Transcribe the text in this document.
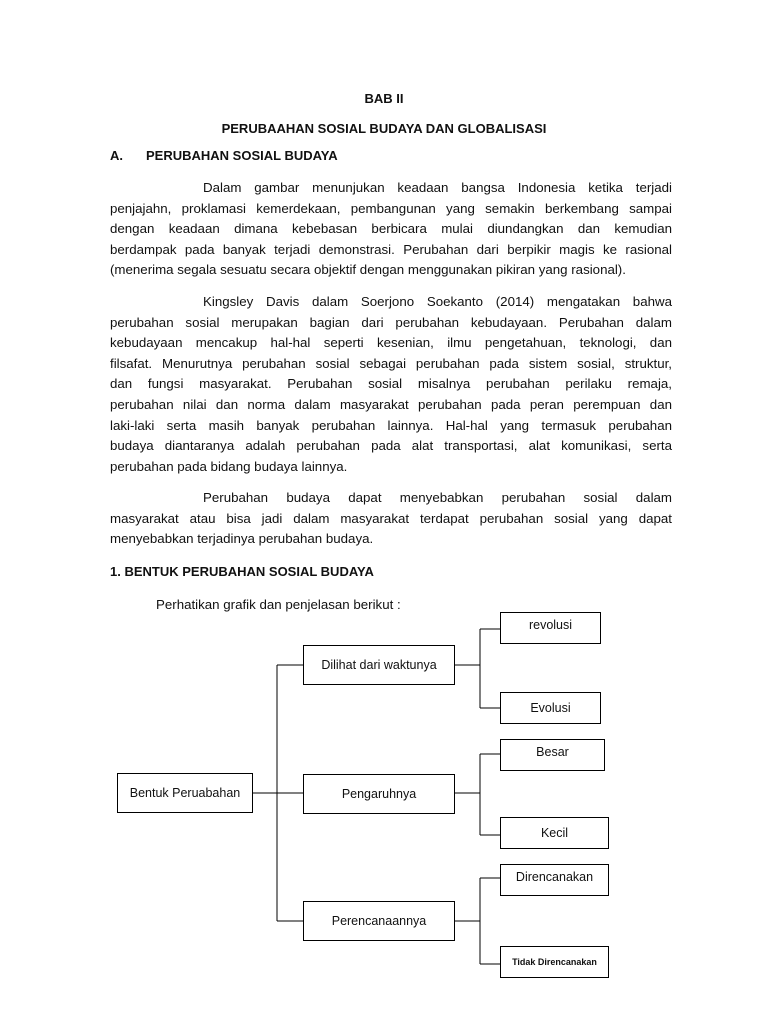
BAB II
PERUBAAHAN SOSIAL BUDAYA DAN GLOBALISASI
A. PERUBAHAN SOSIAL BUDAYA
Dalam gambar menunjukan keadaan bangsa Indonesia ketika terjadi
penjajahn, proklamasi kemerdekaan, pembangunan yang semakin berkembang sampai
dengan keadaan dimana kebebasan berbicara mulai diundangkan dan kemudian
berdampak pada banyak terjadi demonstrasi. Perubahan dari berpikir magis ke rasional
(menerima segala sesuatu secara objektif dengan menggunakan pikiran yang rasional).
Kingsley Davis dalam Soerjono Soekanto (2014) mengatakan bahwa
perubahan sosial merupakan bagian dari perubahan kebudayaan. Perubahan dalam
kebudayaan mencakup hal-hal seperti kesenian, ilmu pengetahuan, teknologi, dan
filsafat. Menurutnya perubahan sosial sebagai perubahan pada sistem sosial, struktur,
dan fungsi masyarakat. Perubahan sosial misalnya perubahan perilaku remaja,
perubahan nilai dan norma dalam masyarakat perubahan pada peran perempuan dan
laki-laki serta masih banyak perubahan lainnya. Hal-hal yang termasuk perubahan
budaya diantaranya adalah perubahan pada alat transportasi, alat komunikasi, serta
perubahan pada bidang budaya lainnya.
Perubahan budaya dapat menyebabkan perubahan sosial dalam
masyarakat atau bisa jadi dalam masyarakat terdapat perubahan sosial yang dapat
menyebabkan terjadinya perubahan budaya.
1. BENTUK PERUBAHAN SOSIAL BUDAYA
Perhatikan grafik dan penjelasan berikut :
Bentuk Peruabahan
Dilihat dari waktunya
Pengaruhnya
Perencanaannya
revolusi
Evolusi
Besar
Kecil
Direncanakan
Tidak Direncanakan
